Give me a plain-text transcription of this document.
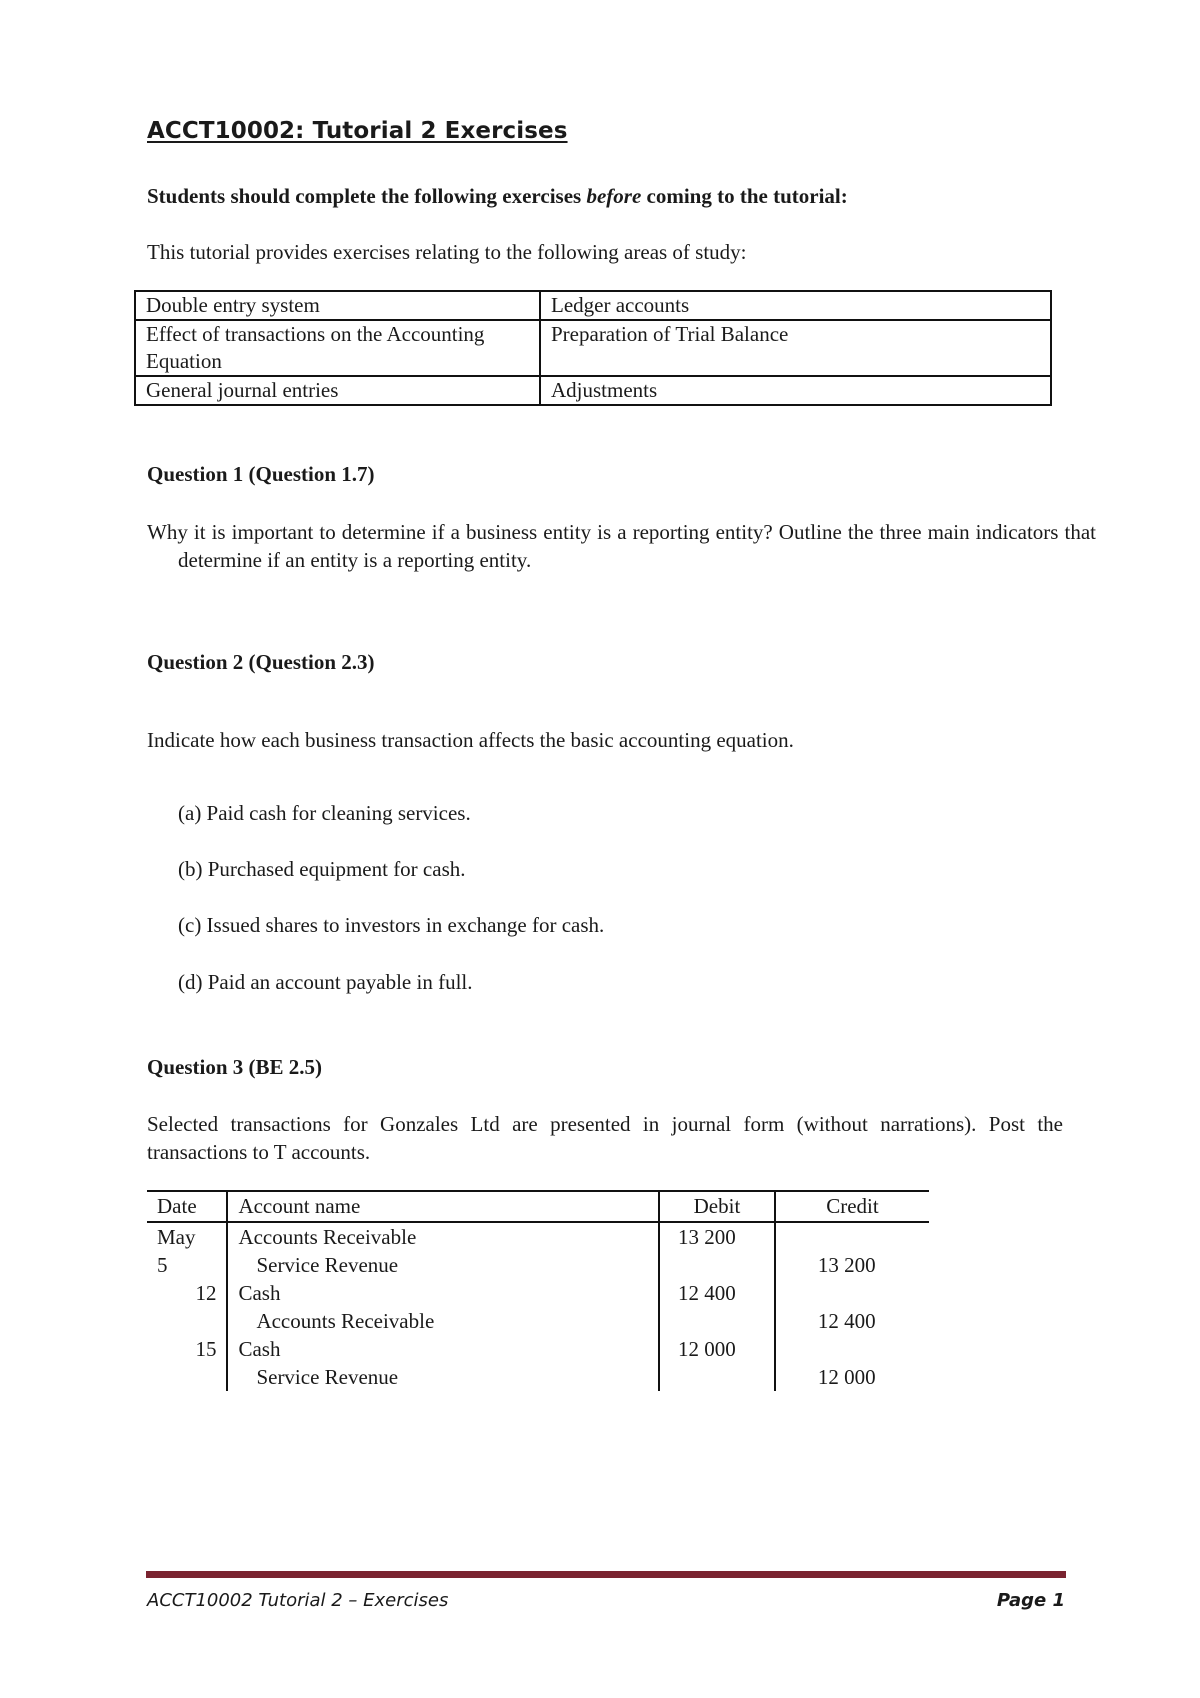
ACCT10002: Tutorial 2 Exercises
Students should complete the following exercises before coming to the tutorial:
This tutorial provides exercises relating to the following areas of study:
Double entry system	Ledger accounts
Effect of transactions on the Accounting Equation	Preparation of Trial Balance
General journal entries	Adjustments
Question 1 (Question 1.7)
Why it is important to determine if a business entity is a reporting entity? Outline the three main indicators that determine if an entity is a reporting entity.
Question 2 (Question 2.3)
Indicate how each business transaction affects the basic accounting equation.
(a) Paid cash for cleaning services.
(b) Purchased equipment for cash.
(c) Issued shares to investors in exchange for cash.
(d) Paid an account payable in full.
Question 3 (BE 2.5)
Selected transactions for Gonzales Ltd are presented in journal form (without narrations). Post the transactions to T accounts.
Date	Account name	Debit	Credit
May	Accounts Receivable	13 200	
5	Service Revenue		13 200
12	Cash	12 400	
	Accounts Receivable		12 400
15	Cash	12 000	
	Service Revenue		12 000
ACCT10002 Tutorial 2 – Exercises	Page 1
